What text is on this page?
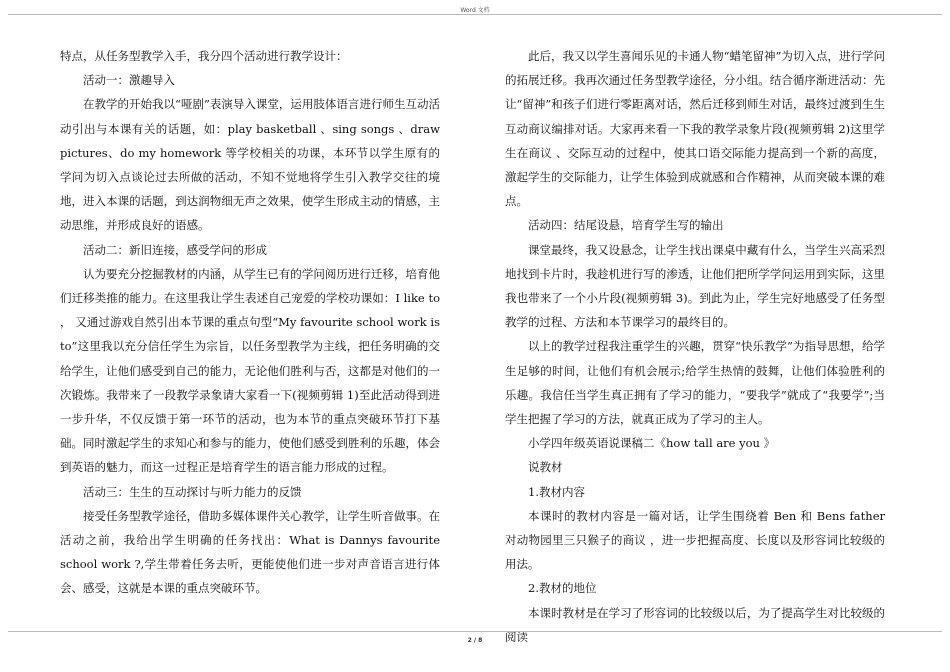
Word 文档

特点，从任务型教学入手，我分四个活动进行教学设计：

活动一：激趣导入

在教学的开始我以“哑剧”表演导入课堂，运用肢体语言进行师生互动活动引出与本课有关的话题，如：play basketball 、sing songs 、draw pictures、do my homework 等学校相关的功课，本环节以学生原有的学问为切入点谈论过去所做的活动，不知不觉地将学生引入教学交往的境地，进入本课的话题，到达润物细无声之效果，使学生形成主动的情感，主动思维，并形成良好的语感。

活动二：新旧连接，感受学问的形成

认为要充分挖掘教材的内涵，从学生已有的学问阅历进行迁移，培育他们迁移类推的能力。在这里我让学生表述自己宠爱的学校功课如：I like to ， 又通过游戏自然引出本节课的重点句型“My favourite school work is to”这里我以充分信任学生为宗旨，以任务型教学为主线，把任务明确的交给学生，让他们感受到自己的能力，无论他们胜利与否，这都是对他们的一次锻炼。我带来了一段教学录象请大家看一下(视频剪辑 1)至此活动得到进一步升华，不仅反馈于第一环节的活动，也为本节的重点突破环节打下基础。同时激起学生的求知心和参与的能力，使他们感受到胜利的乐趣，体会到英语的魅力，而这一过程正是培育学生的语言能力形成的过程。

活动三：生生的互动探讨与听力能力的反馈

接受任务型教学途径，借助多媒体课件关心教学，让学生听音做事。在活动之前，我给出学生明确的任务找出：What is Dannys favourite school work ?,学生带着任务去听，更能使他们进一步对声音语言进行体会、感受，这就是本课的重点突破环节。

此后，我又以学生喜闻乐见的卡通人物“蜡笔留神”为切入点，进行学问的拓展迁移。我再次通过任务型教学途径，分小组。结合循序渐进活动：先让“留神”和孩子们进行零距离对话，然后迁移到师生对话，最终过渡到生生互动商议编排对话。大家再来看一下我的教学录象片段(视频剪辑 2)这里学生在商议 、交际互动的过程中，使其口语交际能力提高到一个新的高度，激起学生的交际能力，让学生体验到成就感和合作精神，从而突破本课的难点。

活动四：结尾设悬，培育学生写的输出

课堂最终，我又设悬念，让学生找出课桌中藏有什么，当学生兴高采烈地找到卡片时，我趁机进行写的渗透，让他们把所学学问运用到实际，这里我也带来了一个小片段(视频剪辑 3)。到此为止，学生完好地感受了任务型教学的过程、方法和本节课学习的最终目的。

以上的教学过程我注重学生的兴趣，贯穿“快乐教学”为指导思想，给学生足够的时间，让他们有机会展示;给学生热情的鼓舞，让他们体验胜利的乐趣。我信任当学生真正拥有了学习的能力，“要我学”就成了“我要学”;当学生把握了学习的方法，就真正成为了学习的主人。

小学四年级英语说课稿二《how tall are you 》

说教材

1.教材内容

本课时的教材内容是一篇对话，让学生围绕着 Ben 和 Bens father 对动物园里三只猴子的商议 ，进一步把握高度、长度以及形容词比较级的用法。

2.教材的地位

本课时教材是在学习了形容词的比较级以后，为了提高学生对比较级的阅读

2 / 8
